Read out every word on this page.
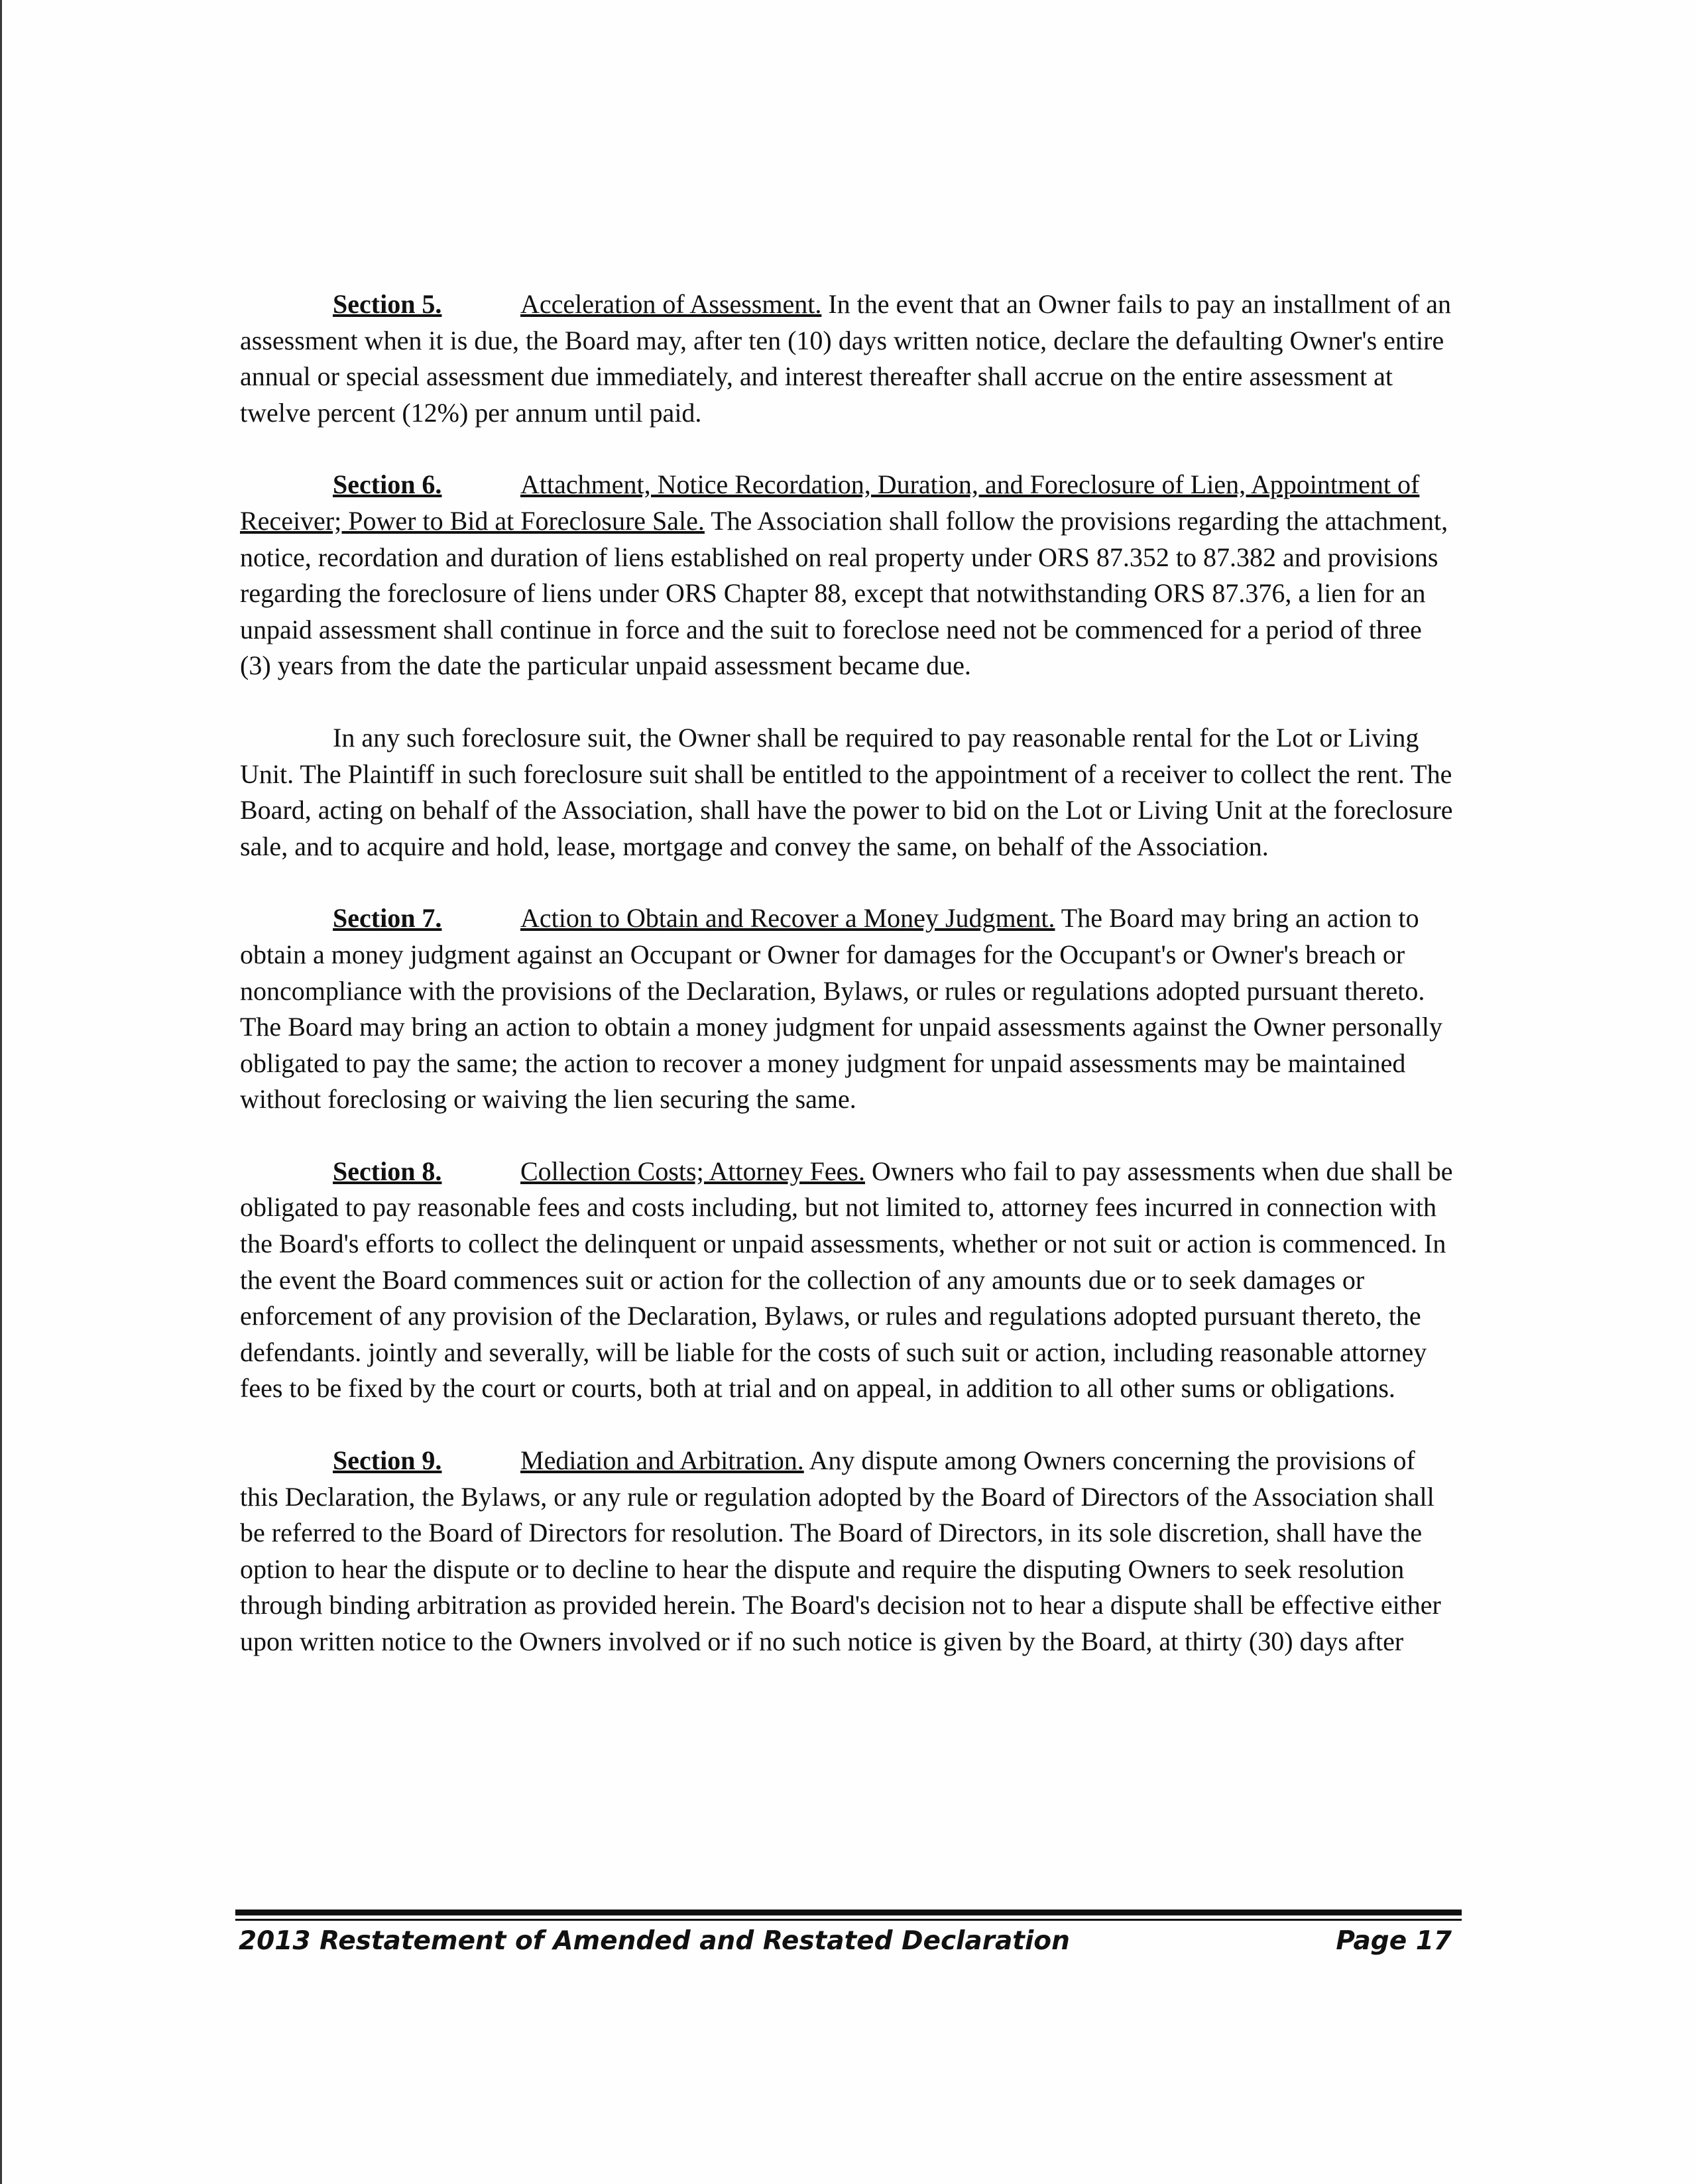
Section 5.	Acceleration of Assessment. In the event that an Owner fails to pay an installment of an assessment when it is due, the Board may, after ten (10) days written notice, declare the defaulting Owner's entire annual or special assessment due immediately, and interest thereafter shall accrue on the entire assessment at twelve percent (12%) per annum until paid.

Section 6.	Attachment, Notice Recordation, Duration, and Foreclosure of Lien, Appointment of Receiver; Power to Bid at Foreclosure Sale. The Association shall follow the provisions regarding the attachment, notice, recordation and duration of liens established on real property under ORS 87.352 to 87.382 and provisions regarding the foreclosure of liens under ORS Chapter 88, except that notwithstanding ORS 87.376, a lien for an unpaid assessment shall continue in force and the suit to foreclose need not be commenced for a period of three (3) years from the date the particular unpaid assessment became due.

In any such foreclosure suit, the Owner shall be required to pay reasonable rental for the Lot or Living Unit. The Plaintiff in such foreclosure suit shall be entitled to the appointment of a receiver to collect the rent. The Board, acting on behalf of the Association, shall have the power to bid on the Lot or Living Unit at the foreclosure sale, and to acquire and hold, lease, mortgage and convey the same, on behalf of the Association.

Section 7.	Action to Obtain and Recover a Money Judgment. The Board may bring an action to obtain a money judgment against an Occupant or Owner for damages for the Occupant's or Owner's breach or noncompliance with the provisions of the Declaration, Bylaws, or rules or regulations adopted pursuant thereto. The Board may bring an action to obtain a money judgment for unpaid assessments against the Owner personally obligated to pay the same; the action to recover a money judgment for unpaid assessments may be maintained without foreclosing or waiving the lien securing the same.

Section 8.	Collection Costs; Attorney Fees. Owners who fail to pay assessments when due shall be obligated to pay reasonable fees and costs including, but not limited to, attorney fees incurred in connection with the Board's efforts to collect the delinquent or unpaid assessments, whether or not suit or action is commenced. In the event the Board commences suit or action for the collection of any amounts due or to seek damages or enforcement of any provision of the Declaration, Bylaws, or rules and regulations adopted pursuant thereto, the defendants. jointly and severally, will be liable for the costs of such suit or action, including reasonable attorney fees to be fixed by the court or courts, both at trial and on appeal, in addition to all other sums or obligations.

Section 9.	Mediation and Arbitration. Any dispute among Owners concerning the provisions of this Declaration, the Bylaws, or any rule or regulation adopted by the Board of Directors of the Association shall be referred to the Board of Directors for resolution. The Board of Directors, in its sole discretion, shall have the option to hear the dispute or to decline to hear the dispute and require the disputing Owners to seek resolution through binding arbitration as provided herein. The Board's decision not to hear a dispute shall be effective either upon written notice to the Owners involved or if no such notice is given by the Board, at thirty (30) days after

2013 Restatement of Amended and Restated Declaration	Page 17
